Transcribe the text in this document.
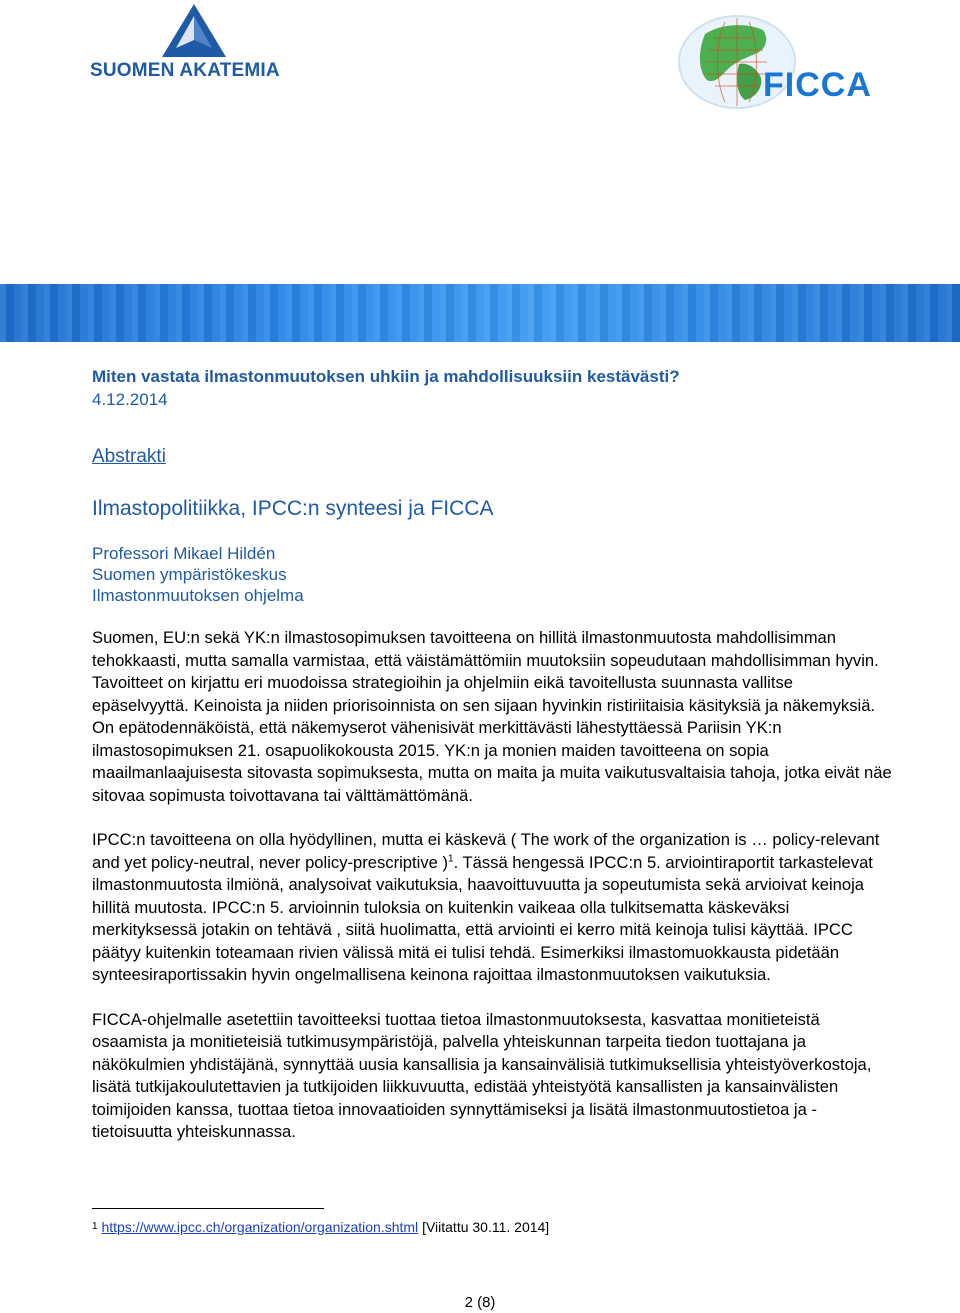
SUOMEN AKATEMIA	FICCA

Miten vastata ilmastonmuutoksen uhkiin ja mahdollisuuksiin kestävästi?

4.12.2014

Abstrakti
Ilmastopolitiikka, IPCC:n synteesi ja FICCA
Professori Mikael Hildén
Suomen ympäristökeskus
Ilmastonmuutoksen ohjelma

Suomen, EU:n sekä YK:n ilmastosopimuksen tavoitteena on hillitä ilmastonmuutosta mahdollisimman tehokkaasti, mutta samalla varmistaa, että väistämättömiin muutoksiin sopeudutaan mahdollisimman hyvin. Tavoitteet on kirjattu eri muodoissa strategioihin ja ohjelmiin eikä tavoitellusta suunnasta vallitse epäselvyyttä. Keinoista ja niiden priorisoinnista on sen sijaan hyvinkin ristiriitaisia käsityksiä ja näkemyksiä. On epätodennäköistä, että näkemyserot vähenisivät merkittävästi lähestyttäessä Pariisin YK:n ilmastosopimuksen 21. osapuolikokousta 2015. YK:n ja monien maiden tavoitteena on sopia maailmanlaajuisesta sitovasta sopimuksesta, mutta on maita ja muita vaikutusvaltaisia tahoja, jotka eivät näe sitovaa sopimusta toivottavana tai välttämättömänä.

IPCC:n tavoitteena on olla hyödyllinen, mutta ei käskevä ( The work of the organization is … policy-relevant and yet policy-neutral, never policy-prescriptive )$^1$. Tässä hengessä IPCC:n 5. arviointiraportit tarkastelevat ilmastonmuutosta ilmiönä, analysoivat vaikutuksia, haavoittuvuutta ja sopeutumista sekä arvioivat keinoja hillitä muutosta. IPCC:n 5. arvioinnin tuloksia on kuitenkin vaikeaa olla tulkitsematta käskeväksi merkityksessä jotakin on tehtävä , siitä huolimatta, että arviointi ei kerro mitä keinoja tulisi käyttää. IPCC päätyy kuitenkin toteamaan rivien välissä mitä ei tulisi tehdä. Esimerkiksi ilmastomuokkausta pidetään synteesiraportissakin hyvin ongelmallisena keinona rajoittaa ilmastonmuutoksen vaikutuksia.

FICCA-ohjelmalle asetettiin tavoitteeksi tuottaa tietoa ilmastonmuutoksesta, kasvattaa monitieteistä osaamista ja monitieteisiä tutkimusympäristöjä, palvella yhteiskunnan tarpeita tiedon tuottajana ja näkökulmien yhdistäjänä, synnyttää uusia kansallisia ja kansainvälisiä tutkimuksellisia yhteistyöverkostoja, lisätä tutkijakoulutettavien ja tutkijoiden liikkuvuutta, edistää yhteistyötä kansallisten ja kansainvälisten toimijoiden kanssa, tuottaa tietoa innovaatioiden synnyttämiseksi ja lisätä ilmastonmuutostietoa ja -tietoisuutta yhteiskunnassa.

$^1$ https://www.ipcc.ch/organization/organization.shtml [Viitattu 30.11. 2014]
2 (8)
